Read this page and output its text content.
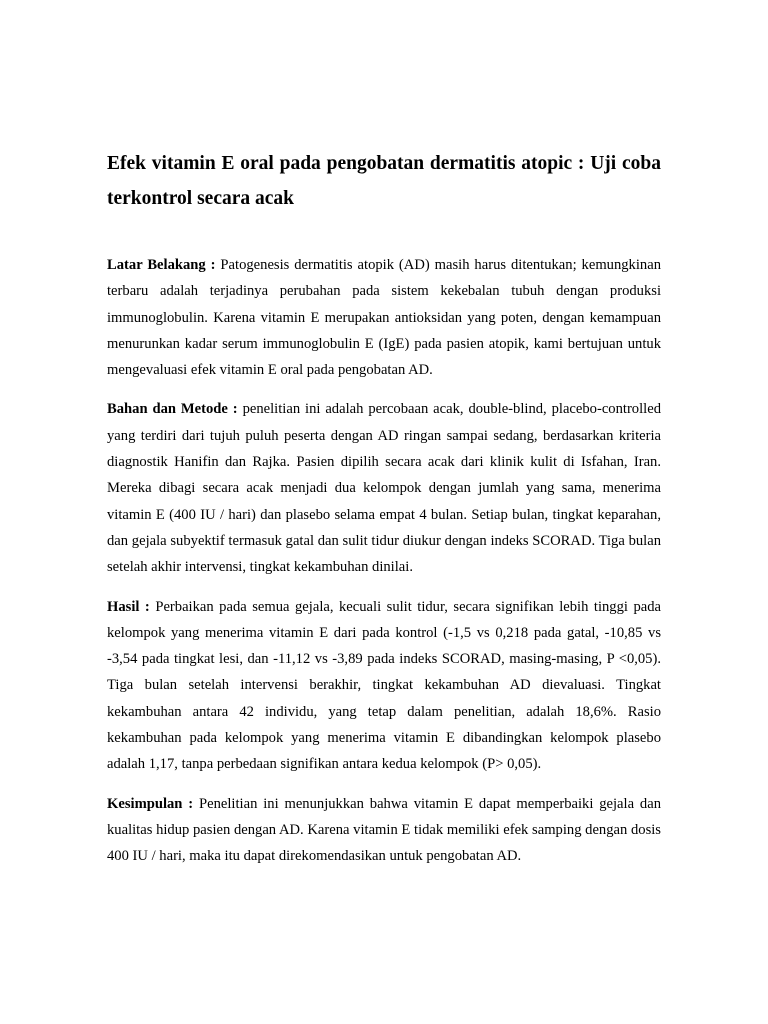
Efek vitamin E oral pada pengobatan dermatitis atopic : Uji coba terkontrol secara acak

Latar Belakang : Patogenesis dermatitis atopik (AD) masih harus ditentukan; kemungkinan terbaru adalah terjadinya perubahan pada sistem kekebalan tubuh dengan produksi immunoglobulin. Karena vitamin E merupakan antioksidan yang poten, dengan kemampuan menurunkan kadar serum immunoglobulin E (IgE) pada pasien atopik, kami bertujuan untuk mengevaluasi efek vitamin E oral pada pengobatan AD.

Bahan dan Metode : penelitian ini adalah percobaan acak, double-blind, placebo-controlled yang terdiri dari tujuh puluh peserta dengan AD ringan sampai sedang, berdasarkan kriteria diagnostik Hanifin dan Rajka. Pasien dipilih secara acak dari klinik kulit di Isfahan, Iran. Mereka dibagi secara acak menjadi dua kelompok dengan jumlah yang sama, menerima vitamin E (400 IU / hari) dan plasebo selama empat 4 bulan. Setiap bulan, tingkat keparahan, dan gejala subyektif termasuk gatal dan sulit tidur diukur dengan indeks SCORAD. Tiga bulan setelah akhir intervensi, tingkat kekambuhan dinilai.

Hasil : Perbaikan pada semua gejala, kecuali sulit tidur, secara signifikan lebih tinggi pada kelompok yang menerima vitamin E dari pada kontrol (-1,5 vs 0,218 pada gatal, -10,85 vs -3,54 pada tingkat lesi, dan -11,12 vs -3,89 pada indeks SCORAD, masing-masing, P <0,05). Tiga bulan setelah intervensi berakhir, tingkat kekambuhan AD dievaluasi. Tingkat kekambuhan antara 42 individu, yang tetap dalam penelitian, adalah 18,6%. Rasio kekambuhan pada kelompok yang menerima vitamin E dibandingkan kelompok plasebo adalah 1,17, tanpa perbedaan signifikan antara kedua kelompok (P> 0,05).

Kesimpulan : Penelitian ini menunjukkan bahwa vitamin E dapat memperbaiki gejala dan kualitas hidup pasien dengan AD. Karena vitamin E tidak memiliki efek samping dengan dosis 400 IU / hari, maka itu dapat direkomendasikan untuk pengobatan AD.
